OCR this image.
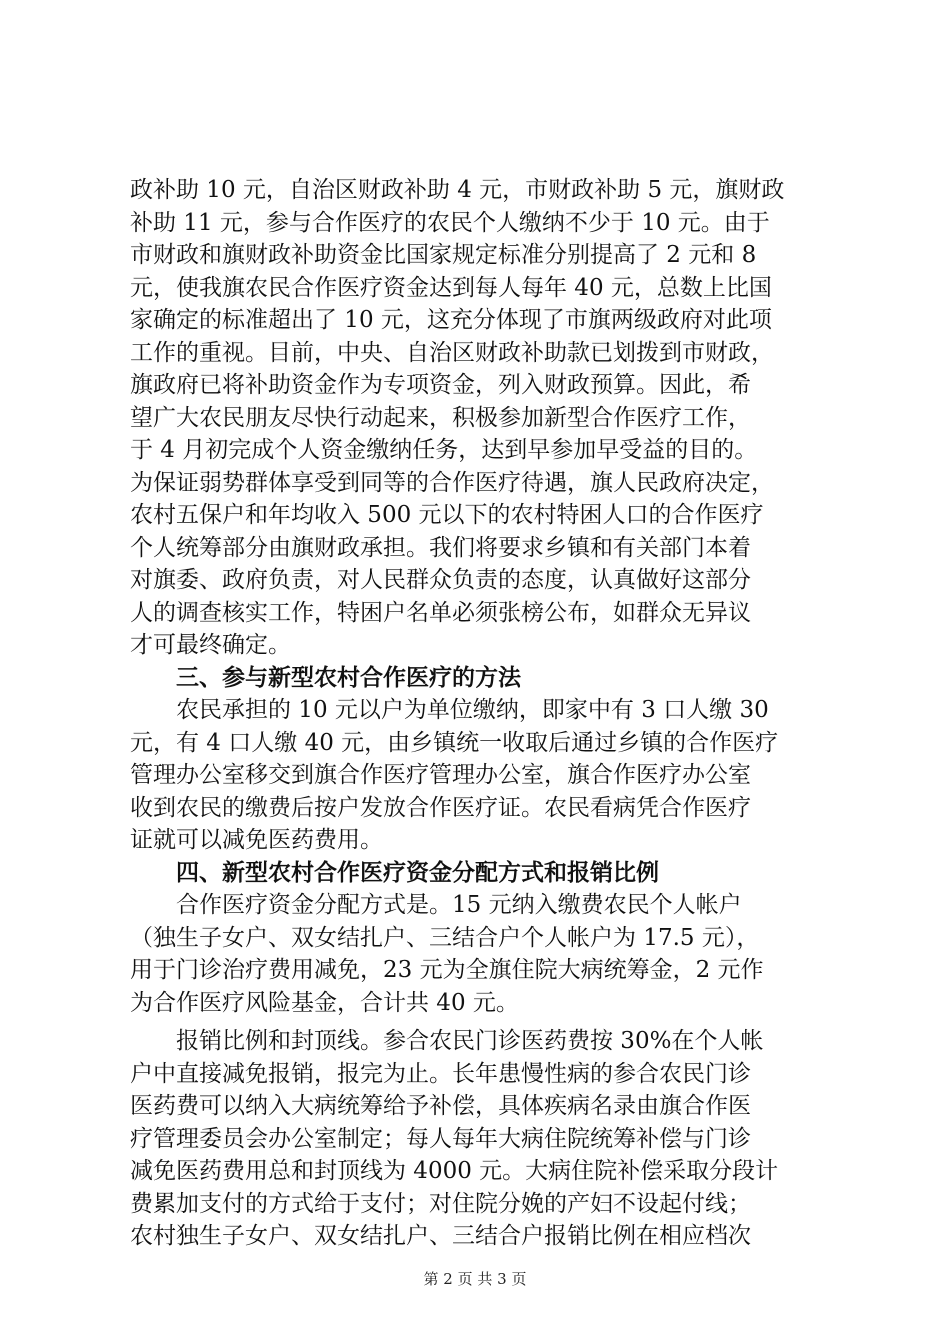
政补助 10 元，自治区财政补助 4 元，市财政补助 5 元，旗财政
补助 11 元，参与合作医疗的农民个人缴纳不少于 10 元。由于
市财政和旗财政补助资金比国家规定标准分别提高了 2 元和 8
元，使我旗农民合作医疗资金达到每人每年 40 元，总数上比国
家确定的标准超出了 10 元，这充分体现了市旗两级政府对此项
工作的重视。目前，中央、自治区财政补助款已划拨到市财政，
旗政府已将补助资金作为专项资金，列入财政预算。因此，希
望广大农民朋友尽快行动起来，积极参加新型合作医疗工作，
于 4 月初完成个人资金缴纳任务，达到早参加早受益的目的。
为保证弱势群体享受到同等的合作医疗待遇，旗人民政府决定，
农村五保户和年均收入 500 元以下的农村特困人口的合作医疗
个人统筹部分由旗财政承担。我们将要求乡镇和有关部门本着
对旗委、政府负责，对人民群众负责的态度，认真做好这部分
人的调查核实工作，特困户名单必须张榜公布，如群众无异议
才可最终确定。
三、参与新型农村合作医疗的方法
农民承担的 10 元以户为单位缴纳，即家中有 3 口人缴 30
元，有 4 口人缴 40 元，由乡镇统一收取后通过乡镇的合作医疗
管理办公室移交到旗合作医疗管理办公室，旗合作医疗办公室
收到农民的缴费后按户发放合作医疗证。农民看病凭合作医疗
证就可以减免医药费用。
四、新型农村合作医疗资金分配方式和报销比例
合作医疗资金分配方式是。15 元纳入缴费农民个人帐户
（独生子女户、双女结扎户、三结合户个人帐户为 17.5 元），
用于门诊治疗费用减免，23 元为全旗住院大病统筹金，2 元作
为合作医疗风险基金，合计共 40 元。
报销比例和封顶线。参合农民门诊医药费按 30%在个人帐
户中直接减免报销，报完为止。长年患慢性病的参合农民门诊
医药费可以纳入大病统筹给予补偿，具体疾病名录由旗合作医
疗管理委员会办公室制定；每人每年大病住院统筹补偿与门诊
减免医药费用总和封顶线为 4000 元。大病住院补偿采取分段计
费累加支付的方式给于支付；对住院分娩的产妇不设起付线；
农村独生子女户、双女结扎户、三结合户报销比例在相应档次
第 2 页 共 3 页
